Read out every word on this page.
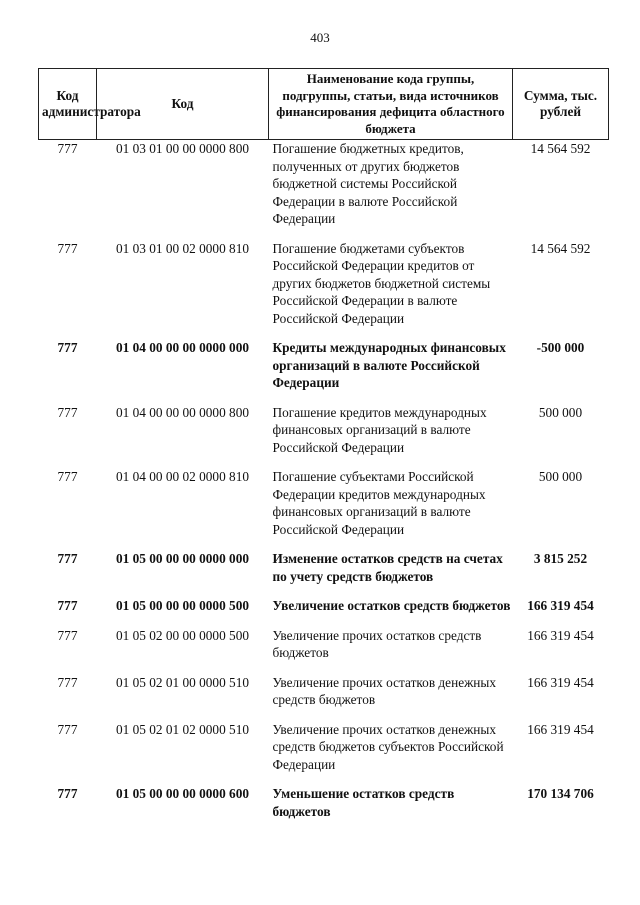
403
Код администратора	Код	Наименование кода группы, подгруппы, статьи, вида источников финансирования дефицита областного бюджета	Сумма, тыс. рублей
777	01 03 01 00 00 0000 800	Погашение бюджетных кредитов, полученных от других бюджетов бюджетной системы Российской Федерации в валюте Российской Федерации	14 564 592
777	01 03 01 00 02 0000 810	Погашение бюджетами субъектов Российской Федерации кредитов от других бюджетов бюджетной системы Российской Федерации в валюте Российской Федерации	14 564 592
777	01 04 00 00 00 0000 000	Кредиты международных финансовых организаций в валюте Российской Федерации	-500 000
777	01 04 00 00 00 0000 800	Погашение кредитов международных финансовых организаций в валюте Российской Федерации	500 000
777	01 04 00 00 02 0000 810	Погашение субъектами Российской Федерации кредитов международных финансовых организаций в валюте Российской Федерации	500 000
777	01 05 00 00 00 0000 000	Изменение остатков средств на счетах по учету средств бюджетов	3 815 252
777	01 05 00 00 00 0000 500	Увеличение остатков средств бюджетов	166 319 454
777	01 05 02 00 00 0000 500	Увеличение прочих остатков средств бюджетов	166 319 454
777	01 05 02 01 00 0000 510	Увеличение прочих остатков денежных средств бюджетов	166 319 454
777	01 05 02 01 02 0000 510	Увеличение прочих остатков денежных средств бюджетов субъектов Российской Федерации	166 319 454
777	01 05 00 00 00 0000 600	Уменьшение остатков средств бюджетов	170 134 706
